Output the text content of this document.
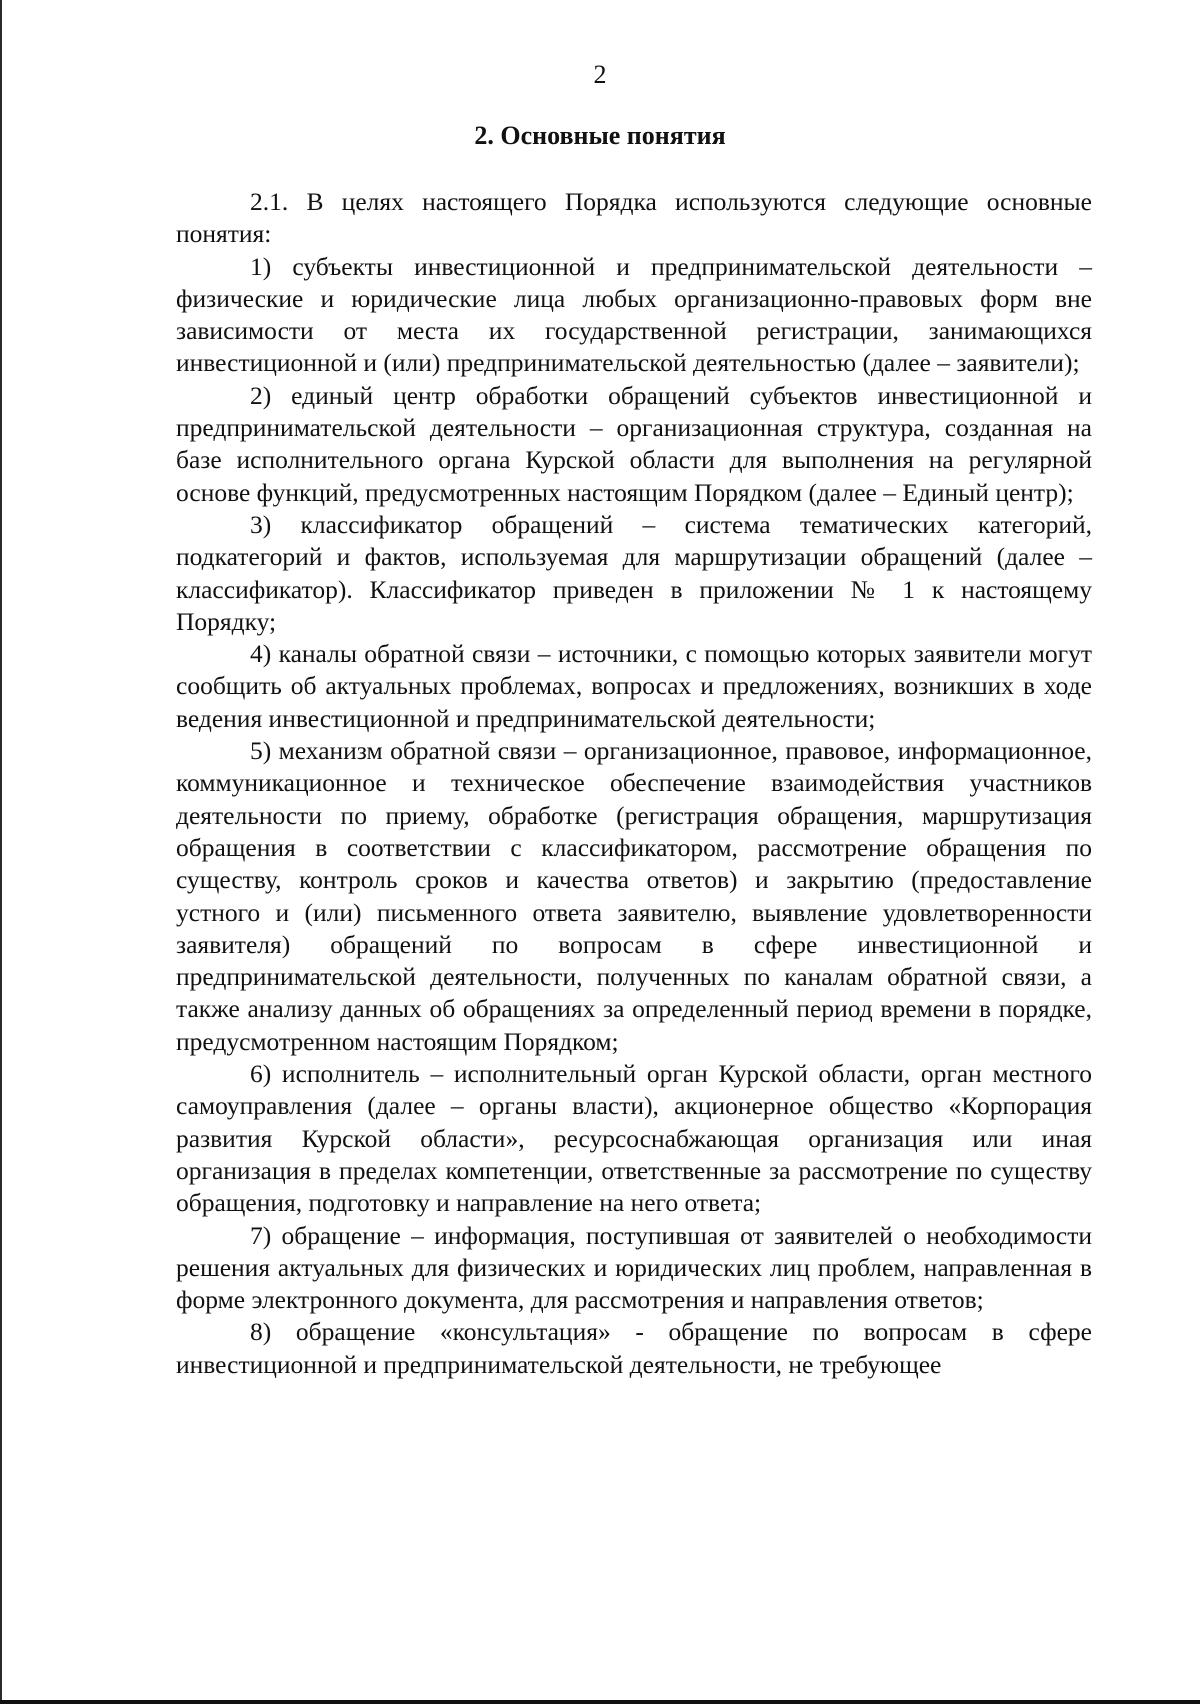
2
2. Основные понятия

2.1. В целях настоящего Порядка используются следующие основные понятия:

1) субъекты инвестиционной и предпринимательской деятельности – физические и юридические лица любых организационно-правовых форм вне зависимости от места их государственной регистрации, занимающихся инвестиционной и (или) предпринимательской деятельностью (далее – заявители);

2) единый центр обработки обращений субъектов инвестиционной и предпринимательской деятельности – организационная структура, созданная на базе исполнительного органа Курской области для выполнения на регулярной основе функций, предусмотренных настоящим Порядком (далее – Единый центр);

3) классификатор обращений – система тематических категорий, подкатегорий и фактов, используемая для маршрутизации обращений (далее – классификатор). Классификатор приведен в приложении № 1 к настоящему Порядку;

4) каналы обратной связи – источники, с помощью которых заявители могут сообщить об актуальных проблемах, вопросах и предложениях, возникших в ходе ведения инвестиционной и предпринимательской деятельности;

5) механизм обратной связи – организационное, правовое, информационное, коммуникационное и техническое обеспечение взаимодействия участников деятельности по приему, обработке (регистрация обращения, маршрутизация обращения в соответствии с классификатором, рассмотрение обращения по существу, контроль сроков и качества ответов) и закрытию (предоставление устного и (или) письменного ответа заявителю, выявление удовлетворенности заявителя) обращений по вопросам в сфере инвестиционной и предпринимательской деятельности, полученных по каналам обратной связи, а также анализу данных об обращениях за определенный период времени в порядке, предусмотренном настоящим Порядком;

6) исполнитель – исполнительный орган Курской области, орган местного самоуправления (далее – органы власти), акционерное общество «Корпорация развития Курской области», ресурсоснабжающая организация или иная организация в пределах компетенции, ответственные за рассмотрение по существу обращения, подготовку и направление на него ответа;

7) обращение – информация, поступившая от заявителей о необходимости решения актуальных для физических и юридических лиц проблем, направленная в форме электронного документа, для рассмотрения и направления ответов;

8) обращение «консультация» - обращение по вопросам в сфере инвестиционной и предпринимательской деятельности, не требующее
